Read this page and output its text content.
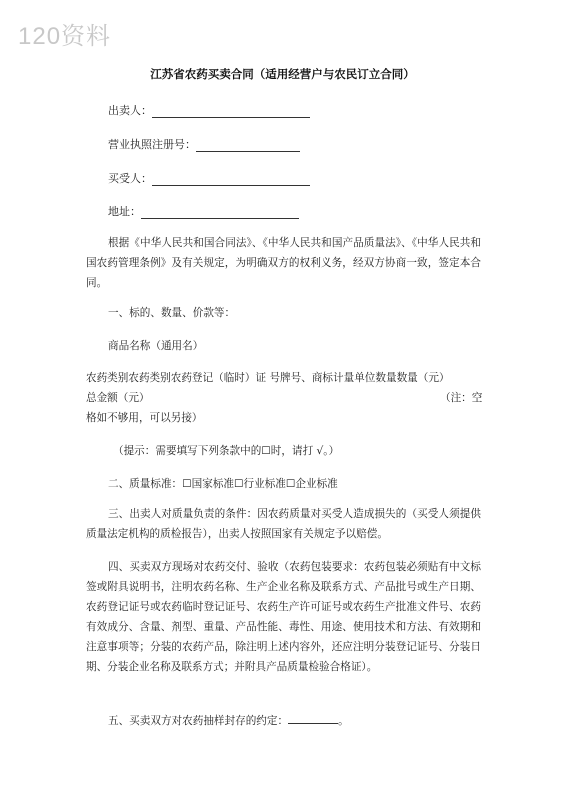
120资料
江苏省农药买卖合同（适用经营户与农民订立合同）
出卖人：
营业执照注册号：
买受人：
地址：
根据《中华人民共和国合同法》、《中华人民共和国产品质量法》、《中华人民共和国农药管理条例》及有关规定，为明确双方的权利义务，经双方协商一致，签定本合同。
一、标的、数量、价款等：
商品名称（通用名）
农药类别农药类别农药登记（临时）证 号牌号、商标计量单位数量数量（元）
总金额（元）	（注：空
格如不够用，可以另接）
（提示：需要填写下列条款中的☐时，请打 √。）
二、质量标准：☐国家标准☐行业标准☐企业标准
三、出卖人对质量负责的条件：因农药质量对买受人造成损失的（买受人须提供质量法定机构的质检报告），出卖人按照国家有关规定予以赔偿。
四、买卖双方现场对农药交付、验收（农药包装要求：农药包装必须贴有中文标签或附具说明书，注明农药名称、生产企业名称及联系方式、产品批号或生产日期、农药登记证号或农药临时登记证号、农药生产许可证号或农药生产批准文件号、农药有效成分、含量、剂型、重量、产品性能、毒性、用途、使用技术和方法、有效期和注意事项等；分装的农药产品，除注明上述内容外，还应注明分装登记证号、分装日期、分装企业名称及联系方式；并附具产品质量检验合格证）。
五、买卖双方对农药抽样封存的约定：	。
